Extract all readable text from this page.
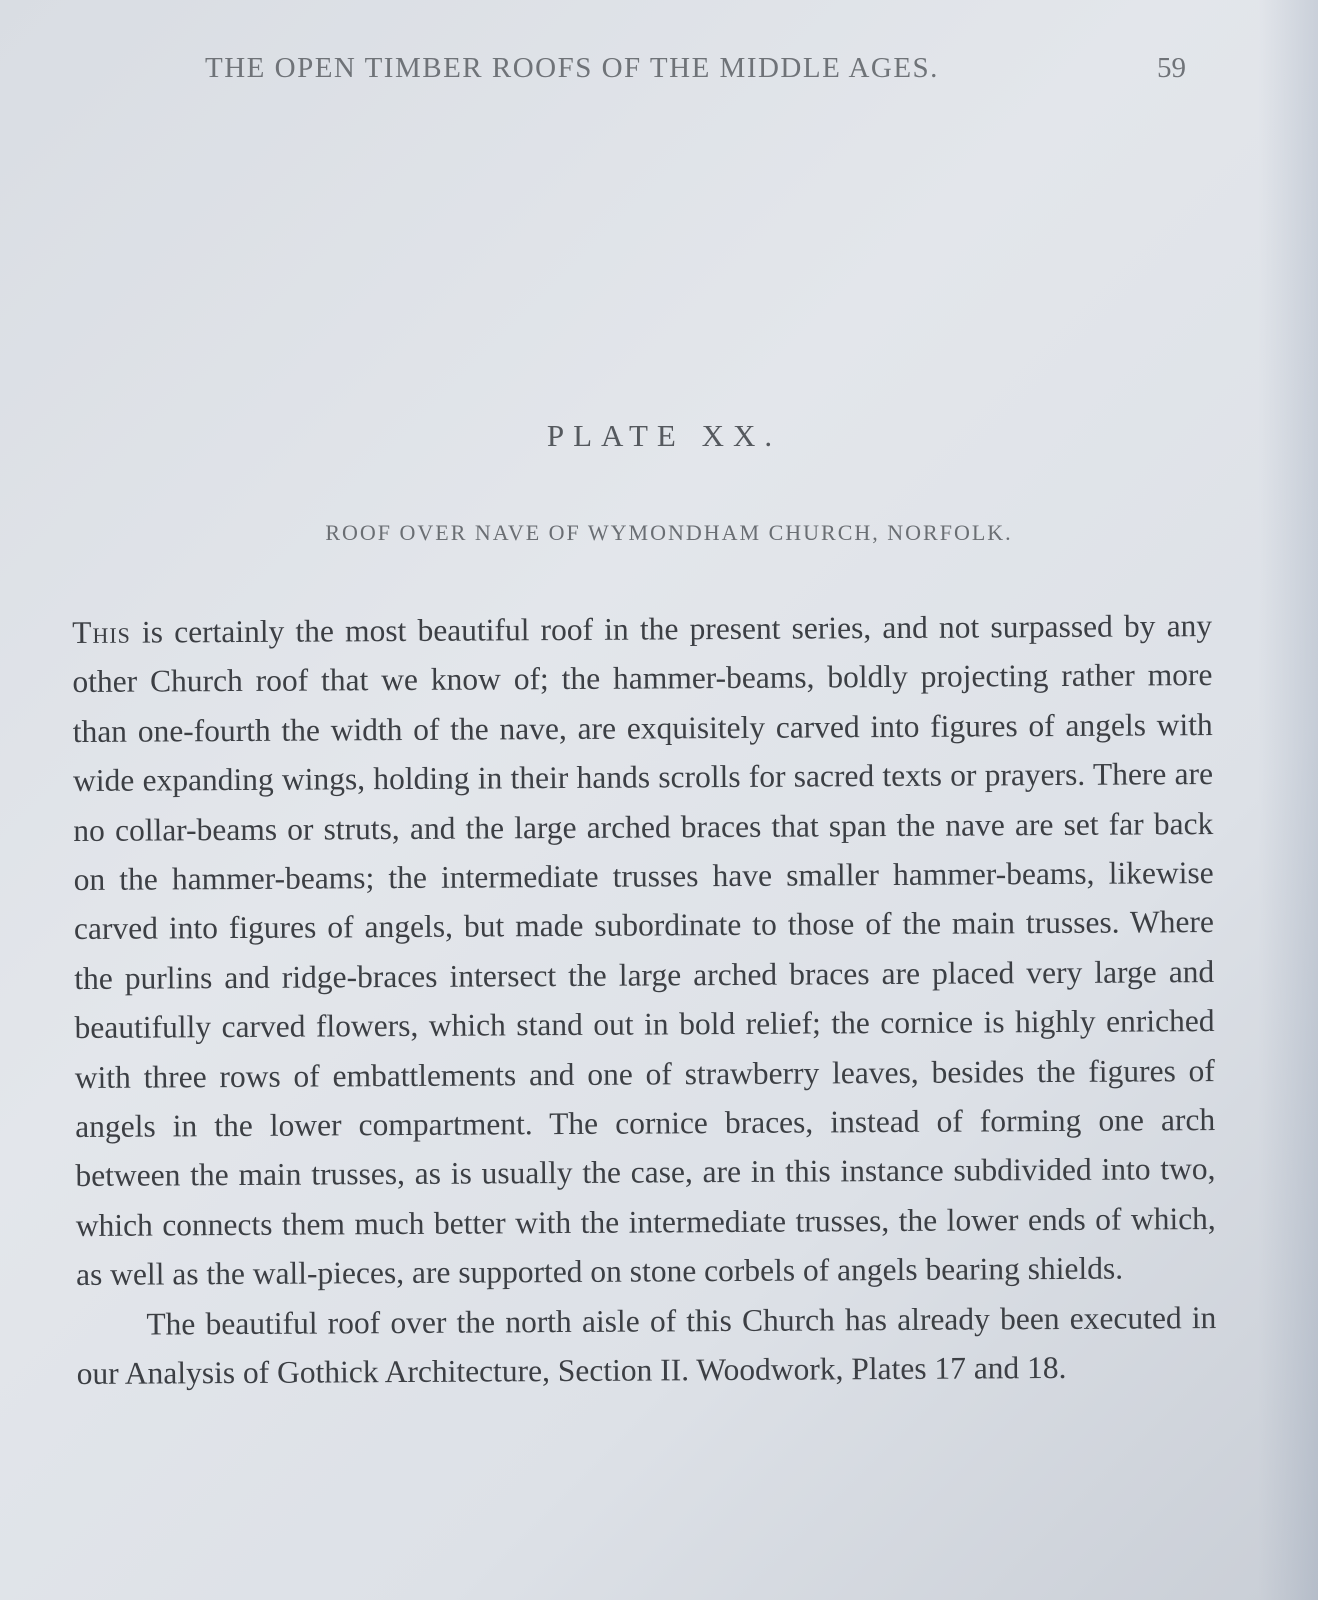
THE OPEN TIMBER ROOFS OF THE MIDDLE AGES.	59
PLATE XX.
ROOF OVER NAVE OF WYMONDHAM CHURCH, NORFOLK.

This is certainly the most beautiful roof in the present series, and not surpassed by any other Church roof that we know of; the hammer-beams, boldly projecting rather more than one-fourth the width of the nave, are exquisitely carved into figures of angels with wide expanding wings, holding in their hands scrolls for sacred texts or prayers. There are no collar-beams or struts, and the large arched braces that span the nave are set far back on the hammer-beams; the intermediate trusses have smaller hammer-beams, likewise carved into figures of angels, but made subordinate to those of the main trusses. Where the purlins and ridge-braces intersect the large arched braces are placed very large and beautifully carved flowers, which stand out in bold relief; the cornice is highly enriched with three rows of embattlements and one of strawberry leaves, besides the figures of angels in the lower compartment. The cornice braces, instead of forming one arch between the main trusses, as is usually the case, are in this instance subdivided into two, which connects them much better with the intermediate trusses, the lower ends of which, as well as the wall-pieces, are supported on stone corbels of angels bearing shields.

The beautiful roof over the north aisle of this Church has already been executed in our Analysis of Gothick Architecture, Section II. Woodwork, Plates 17 and 18.
